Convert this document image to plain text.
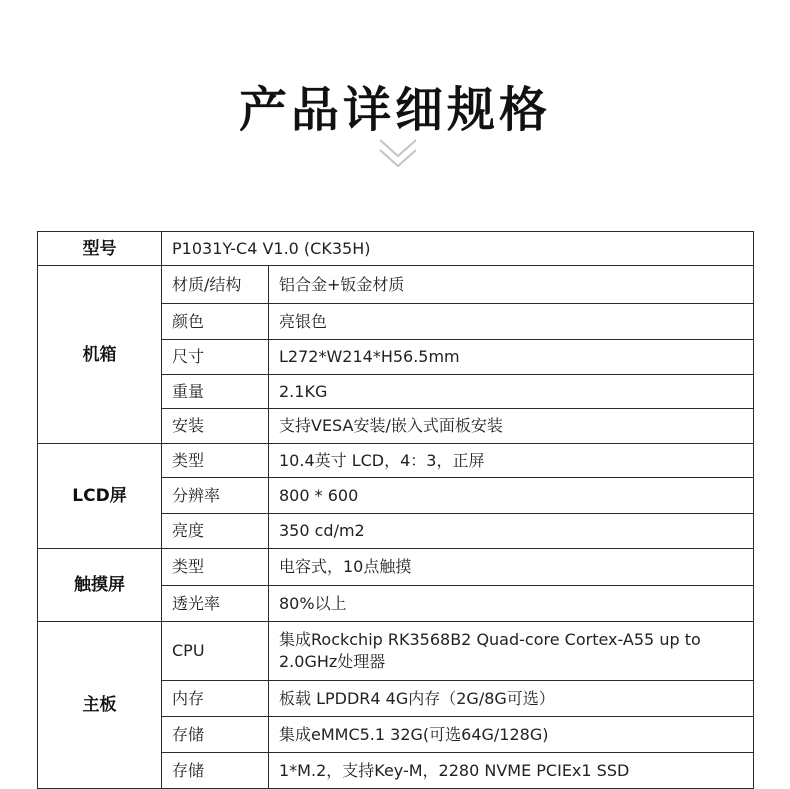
产品详细规格
型号	P1031Y-C4 V1.0 (CK35H)	
机箱	材质/结构	铝合金+钣金材质
	颜色	亮银色
	尺寸	L272*W214*H56.5mm
	重量	2.1KG
	安装	支持VESA安装/嵌入式面板安装
LCD屏	类型	10.4英寸 LCD，4：3，正屏
	分辨率	800 * 600
	亮度	350 cd/m2
触摸屏	类型	电容式，10点触摸
	透光率	80%以上
主板	CPU	集成Rockchip RK3568B2 Quad-core Cortex-A55 up to 2.0GHz处理器
	内存	板载 LPDDR4 4G内存（2G/8G可选）
	存储	集成eMMC5.1 32G(可选64G/128G)
	存储	1*M.2，支持Key-M，2280 NVME PCIEx1 SSD
